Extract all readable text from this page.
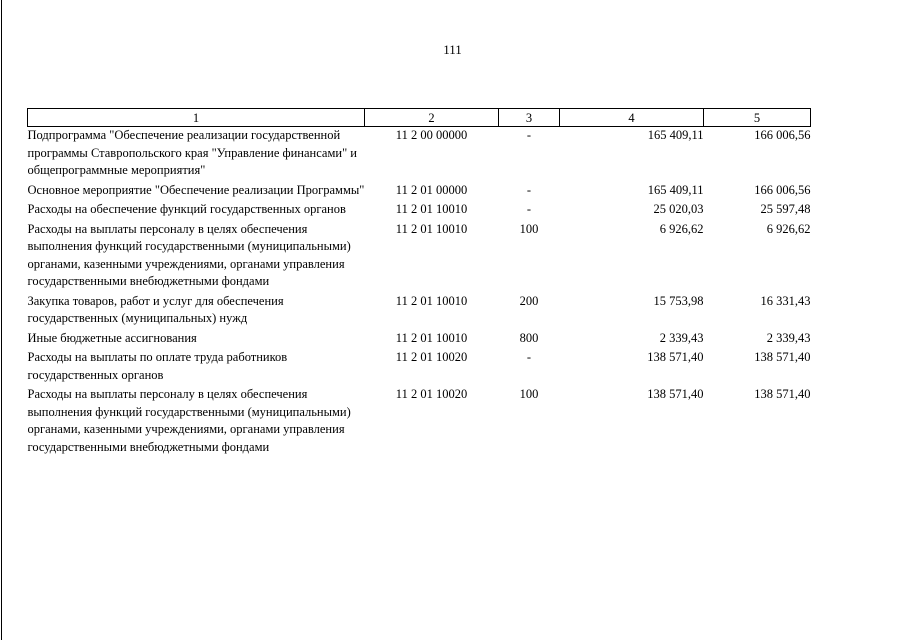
111
1	2	3	4	5
Подпрограмма "Обеспечение реализации государственной программы Ставропольского края "Управление финансами" и общепрограммные мероприятия"	11 2 00 00000	-	165 409,11	166 006,56
Основное мероприятие "Обеспечение реализации Программы"	11 2 01 00000	-	165 409,11	166 006,56
Расходы на обеспечение функций государственных органов	11 2 01 10010	-	25 020,03	25 597,48
Расходы на выплаты персоналу в целях обеспечения выполнения функций государственными (муниципальными) органами, казенными учреждениями, органами управления государственными внебюджетными фондами	11 2 01 10010	100	6 926,62	6 926,62
Закупка товаров, работ и услуг для обеспечения государственных (муниципальных) нужд	11 2 01 10010	200	15 753,98	16 331,43
Иные бюджетные ассигнования	11 2 01 10010	800	2 339,43	2 339,43
Расходы на выплаты по оплате труда работников государственных органов	11 2 01 10020	-	138 571,40	138 571,40
Расходы на выплаты персоналу в целях обеспечения выполнения функций государственными (муниципальными) органами, казенными учреждениями, органами управления государственными внебюджетными фондами	11 2 01 10020	100	138 571,40	138 571,40
